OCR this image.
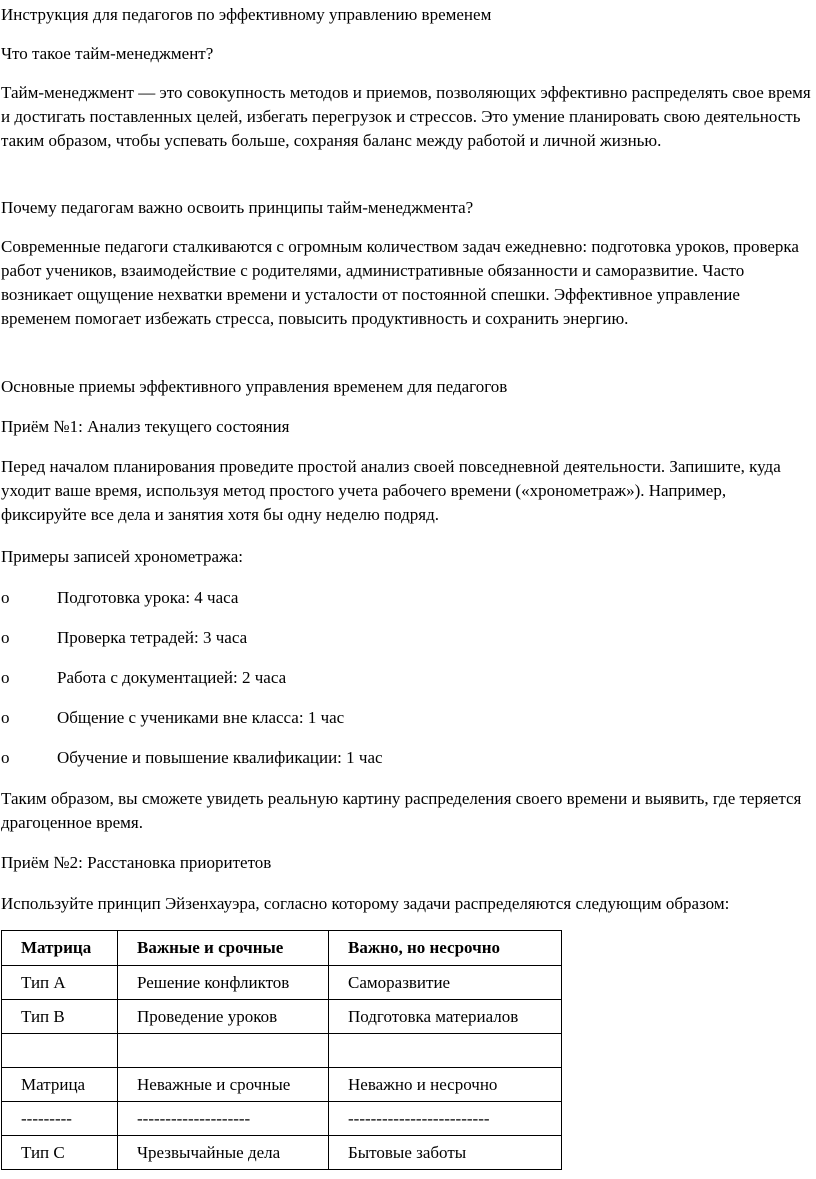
Инструкция для педагогов по эффективному управлению временем

Что такое тайм-менеджмент?

Тайм-менеджмент — это совокупность методов и приемов, позволяющих эффективно распределять свое время и достигать поставленных целей, избегать перегрузок и стрессов. Это умение планировать свою деятельность таким образом, чтобы успевать больше, сохраняя баланс между работой и личной жизнью.

Почему педагогам важно освоить принципы тайм-менеджмента?

Современные педагоги сталкиваются с огромным количеством задач ежедневно: подготовка уроков, проверка работ учеников, взаимодействие с родителями, административные обязанности и саморазвитие. Часто возникает ощущение нехватки времени и усталости от постоянной спешки. Эффективное управление временем помогает избежать стресса, повысить продуктивность и сохранить энергию.

Основные приемы эффективного управления временем для педагогов

Приём №1: Анализ текущего состояния

Перед началом планирования проведите простой анализ своей повседневной деятельности. Запишите, куда уходит ваше время, используя метод простого учета рабочего времени («хронометраж»). Например, фиксируйте все дела и занятия хотя бы одну неделю подряд.

Примеры записей хронометража:

o	Подготовка урока: 4 часа

o	Проверка тетрадей: 3 часа

o	Работа с документацией: 2 часа

o	Общение с учениками вне класса: 1 час

o	Обучение и повышение квалификации: 1 час

Таким образом, вы сможете увидеть реальную картину распределения своего времени и выявить, где теряется драгоценное время.

Приём №2: Расстановка приоритетов

Используйте принцип Эйзенхауэра, согласно которому задачи распределяются следующим образом:

Матрица	Важные и срочные	Важно, но несрочно
Тип A	Решение конфликтов	Саморазвитие
Тип B	Проведение уроков	Подготовка материалов

Матрица	Неважные и срочные	Неважно и несрочно
---------	--------------------	-------------------------
Тип C	Чрезвычайные дела	Бытовые заботы
